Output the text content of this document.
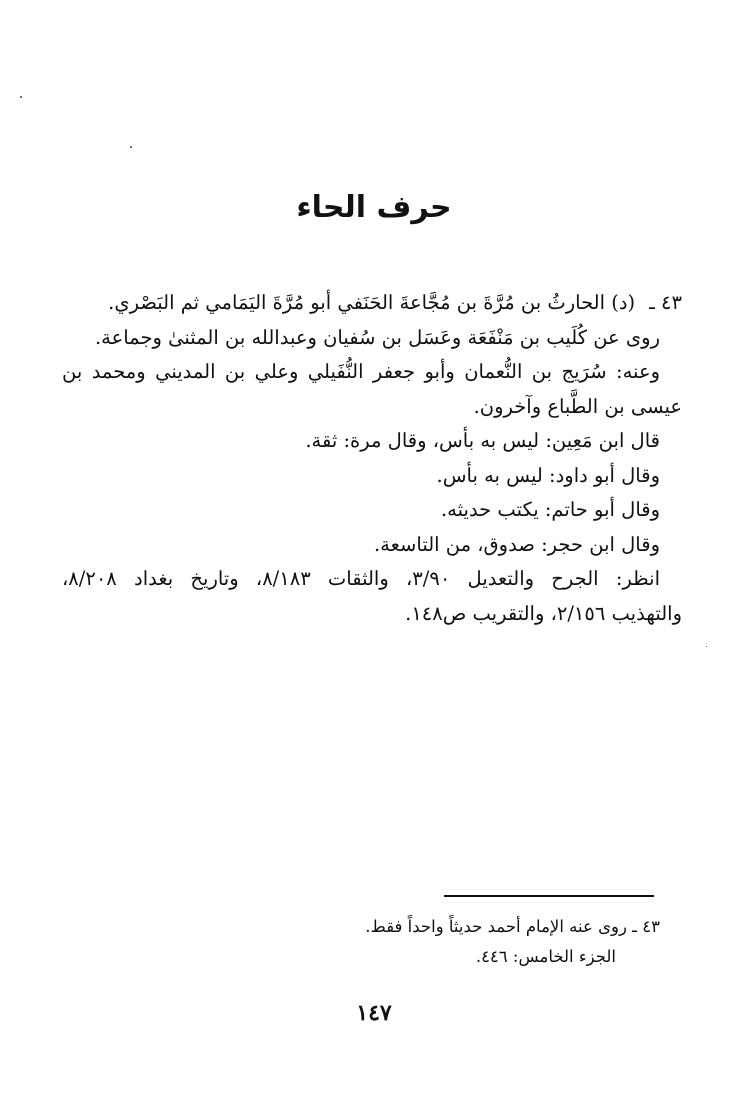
حرف الحاء
٤٣ ـ(د) الحارثُ بن مُرَّةَ بن مُجَّاعةَ الحَنَفي أبو مُرَّةَ اليَمَامي ثم البَصْري.
روى عن كُلَيب بن مَنْفَعَة وعَسَل بن سُفيان وعبدالله بن المثنىٰ وجماعة.
وعنه: سُرَيج بن النُّعمان وأبو جعفر النُّفَيلي وعلي بن المديني ومحمد بن
عيسى بن الطَّباع وآخرون.
قال ابن مَعِين: ليس به بأس، وقال مرة: ثقة.
وقال أبو داود: ليس به بأس.
وقال أبو حاتم: يكتب حديثه.
وقال ابن حجر: صدوق، من التاسعة.
انظر: الجرح والتعديل ٣/٩٠، والثقات ٨/١٨٣، وتاريخ بغداد ٨/٢٠٨،
والتهذيب ٢/١٥٦، والتقريب ص١٤٨.
٤٣ ـ روى عنه الإمام أحمد حديثاً واحداً فقط.
الجزء الخامس: ٤٤٦.
١٤٧
